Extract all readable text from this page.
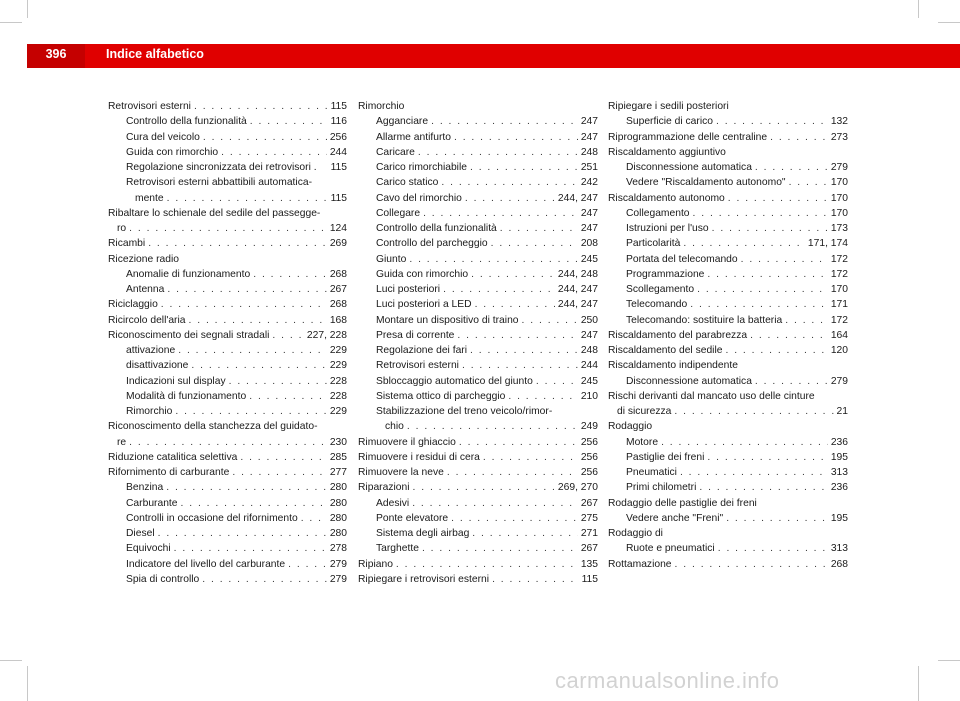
396	Indice alfabetico
Retrovisori esterni . . .	115
Controllo della funzionalità . . .	116
Cura del veicolo . . .	256
Guida con rimorchio . . .	244
Regolazione sincronizzata dei retrovisori . 115
Retrovisori esterni abbattibili automatica-
mente . . .	115
Ribaltare lo schienale del sedile del passegge-
ro . . .	124
Ricambi . . .	269
Ricezione radio
Anomalie di funzionamento . . .	268
Antenna . . .	267
Riciclaggio . . .	268
Ricircolo dell'aria . . .	168
Riconoscimento dei segnali stradali . . .	227, 228
attivazione . . .	229
disattivazione . . .	229
Indicazioni sul display . . .	228
Modalità di funzionamento . . .	228
Rimorchio . . .	229
Riconoscimento della stanchezza del guidato-
re . . .	230
Riduzione catalitica selettiva . . .	285
Rifornimento di carburante . . .	277
Benzina . . .	280
Carburante . . .	280
Controlli in occasione del rifornimento . . .	280
Diesel . . .	280
Equivochi . . .	278
Indicatore del livello del carburante . . .	279
Spia di controllo . . .	279
Rimorchio
Agganciare . . .	247
Allarme antifurto . . .	247
Caricare . . .	248
Carico rimorchiabile . . .	251
Carico statico . . .	242
Cavo del rimorchio . . .	244, 247
Collegare . . .	247
Controllo della funzionalità . . .	247
Controllo del parcheggio . . .	208
Giunto . . .	245
Guida con rimorchio . . .	244, 248
Luci posteriori . . .	244, 247
Luci posteriori a LED . . .	244, 247
Montare un dispositivo di traino . . .	250
Presa di corrente . . .	247
Regolazione dei fari . . .	248
Retrovisori esterni . . .	244
Sbloccaggio automatico del giunto . . .	245
Sistema ottico di parcheggio . . .	210
Stabilizzazione del treno veicolo/rimor-
chio . . .	249
Rimuovere il ghiaccio . . .	256
Rimuovere i residui di cera . . .	256
Rimuovere la neve . . .	256
Riparazioni . . .	269, 270
Adesivi . . .	267
Ponte elevatore . . .	275
Sistema degli airbag . . .	271
Targhette . . .	267
Ripiano . . .	135
Ripiegare i retrovisori esterni . . .	115
Ripiegare i sedili posteriori
Superficie di carico . . .	132
Riprogrammazione delle centraline . . .	273
Riscaldamento aggiuntivo
Disconnessione automatica . . .	279
Vedere "Riscaldamento autonomo" . . .	170
Riscaldamento autonomo . . .	170
Collegamento . . .	170
Istruzioni per l'uso . . .	173
Particolarità . . .	171, 174
Portata del telecomando . . .	172
Programmazione . . .	172
Scollegamento . . .	170
Telecomando . . .	171
Telecomando: sostituire la batteria . . .	172
Riscaldamento del parabrezza . . .	164
Riscaldamento del sedile . . .	120
Riscaldamento indipendente
Disconnessione automatica . . .	279
Rischi derivanti dal mancato uso delle cinture
di sicurezza . . .	21
Rodaggio
Motore . . .	236
Pastiglie dei freni . . .	195
Pneumatici . . .	313
Primi chilometri . . .	236
Rodaggio delle pastiglie dei freni
Vedere anche "Freni" . . .	195
Rodaggio di
Ruote e pneumatici . . .	313
Rottamazione . . .	268
carmanualsonline.info
